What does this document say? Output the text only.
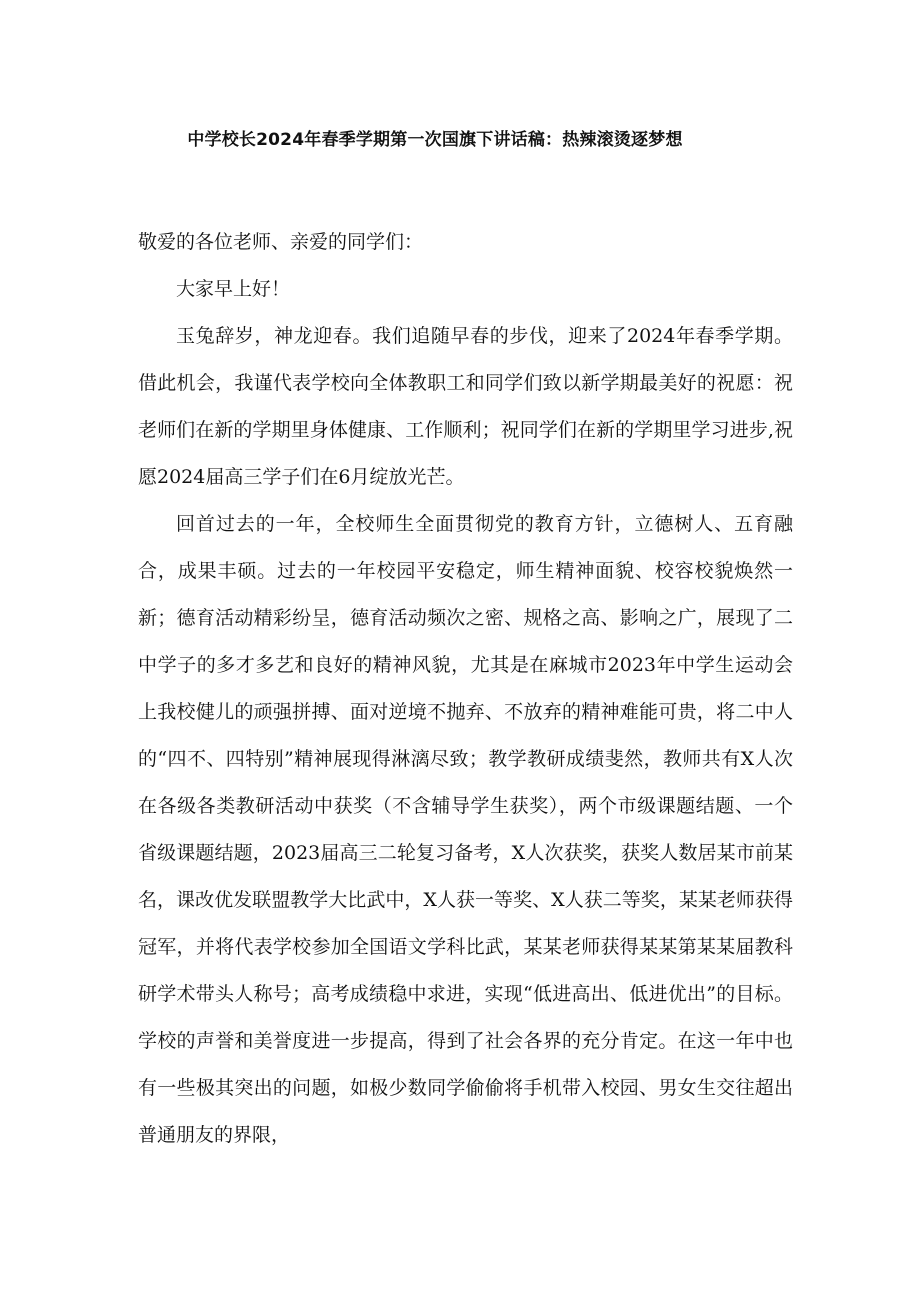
中学校长2024年春季学期第一次国旗下讲话稿：热辣滚烫逐梦想

敬爱的各位老师、亲爱的同学们：

大家早上好！

玉兔辞岁，神龙迎春。我们追随早春的步伐，迎来了2024年春季学期。借此机会，我谨代表学校向全体教职工和同学们致以新学期最美好的祝愿：祝老师们在新的学期里身体健康、工作顺利；祝同学们在新的学期里学习进步,祝愿2024届高三学子们在6月绽放光芒。

回首过去的一年，全校师生全面贯彻党的教育方针，立德树人、五育融合，成果丰硕。过去的一年校园平安稳定，师生精神面貌、校容校貌焕然一新；德育活动精彩纷呈，德育活动频次之密、规格之高、影响之广，展现了二中学子的多才多艺和良好的精神风貌，尤其是在麻城市2023年中学生运动会上我校健儿的顽强拼搏、面对逆境不抛弃、不放弃的精神难能可贵，将二中人的“四不、四特别”精神展现得淋漓尽致；教学教研成绩斐然，教师共有X人次在各级各类教研活动中获奖（不含辅导学生获奖），两个市级课题结题、一个省级课题结题，2023届高三二轮复习备考，X人次获奖，获奖人数居某市前某名，课改优发联盟教学大比武中，X人获一等奖、X人获二等奖，某某老师获得冠军，并将代表学校参加全国语文学科比武，某某老师获得某某第某某届教科研学术带头人称号；高考成绩稳中求进，实现“低进高出、低进优出”的目标。学校的声誉和美誉度进一步提高，得到了社会各界的充分肯定。在这一年中也有一些极其突出的问题，如极少数同学偷偷将手机带入校园、男女生交往超出普通朋友的界限，
